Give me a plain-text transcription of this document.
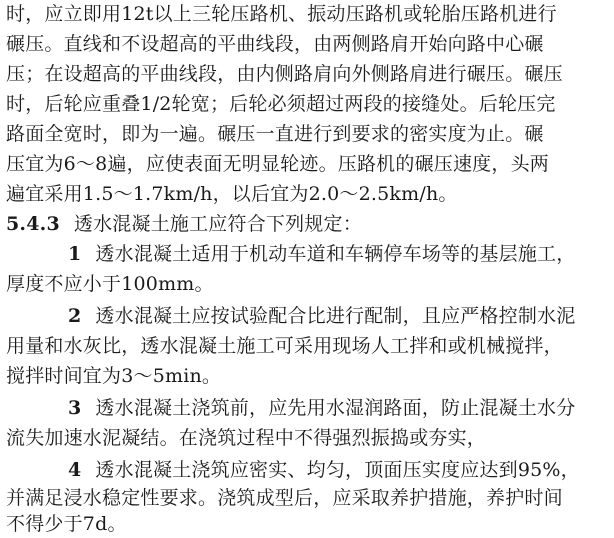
时，应立即用12t以上三轮压路机、振动压路机或轮胎压路机进行
碾压。直线和不设超高的平曲线段，由两侧路肩开始向路中心碾
压；在设超高的平曲线段，由内侧路肩向外侧路肩进行碾压。碾压
时，后轮应重叠1/2轮宽；后轮必须超过两段的接缝处。后轮压完
路面全宽时，即为一遍。碾压一直进行到要求的密实度为止。碾
压宜为6～8遍，应使表面无明显轮迹。压路机的碾压速度，头两
遍宜采用1.5～1.7km/h，以后宜为2.0～2.5km/h。
5.4.3 透水混凝土施工应符合下列规定：
1 透水混凝土适用于机动车道和车辆停车场等的基层施工，
厚度不应小于100mm。
2 透水混凝土应按试验配合比进行配制，且应严格控制水泥
用量和水灰比，透水混凝土施工可采用现场人工拌和或机械搅拌，
搅拌时间宜为3～5min。
3 透水混凝土浇筑前，应先用水湿润路面，防止混凝土水分
流失加速水泥凝结。在浇筑过程中不得强烈振捣或夯实，
4 透水混凝土浇筑应密实、均匀，顶面压实度应达到95%，
并满足浸水稳定性要求。浇筑成型后，应采取养护措施，养护时间
不得少于7d。
